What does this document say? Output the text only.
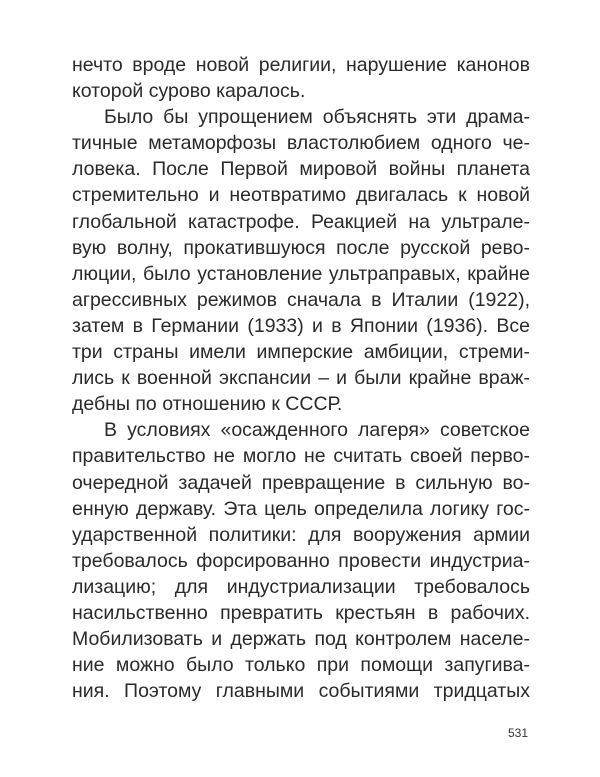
нечто вроде новой религии, нарушение канонов
которой сурово каралось.
Было бы упрощением объяснять эти драма-
тичные метаморфозы властолюбием одного че-
ловека. После Первой мировой войны планета
стремительно и неотвратимо двигалась к новой
глобальной катастрофе. Реакцией на ультрале-
вую волну, прокатившуюся после русской рево-
люции, было установление ультраправых, крайне
агрессивных режимов сначала в Италии (1922),
затем в Германии (1933) и в Японии (1936). Все
три страны имели имперские амбиции, стреми-
лись к военной экспансии – и были крайне враж-
дебны по отношению к СССР.
В условиях «осажденного лагеря» советское
правительство не могло не считать своей перво-
очередной задачей превращение в сильную во-
енную державу. Эта цель определила логику гос-
ударственной политики: для вооружения армии
требовалось форсированно провести индустриа-
лизацию; для индустриализации требовалось
насильственно превратить крестьян в рабочих.
Мобилизовать и держать под контролем населе-
ние можно было только при помощи запугива-
ния. Поэтому главными событиями тридцатых
531
